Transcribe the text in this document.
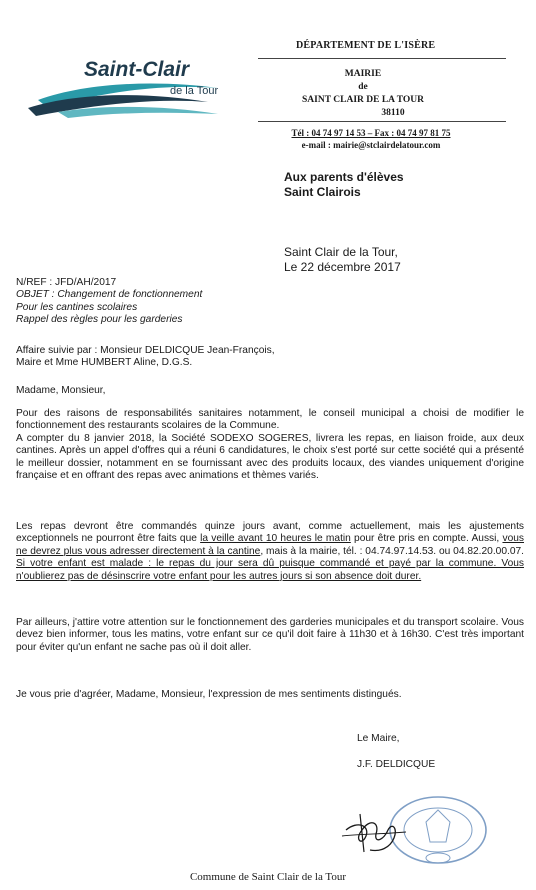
Saint-Clair
de la Tour
DÉPARTEMENT DE L'ISÈRE
MAIRIE
de
SAINT CLAIR DE LA TOUR
38110
Tél : 04 74 97 14 53 – Fax : 04 74 97 81 75
e-mail : mairie@stclairdelatour.com
Aux parents d'élèves
Saint Clairois
Saint Clair de la Tour,
Le 22 décembre 2017
N/REF : JFD/AH/2017
OBJET : Changement de fonctionnement
Pour les cantines scolaires
Rappel des règles pour les garderies
Affaire suivie par : Monsieur DELDICQUE Jean-François,
Maire et Mme HUMBERT Aline, D.G.S.
Madame, Monsieur,
Pour des raisons de responsabilités sanitaires notamment, le conseil municipal a choisi de modifier le fonctionnement des restaurants scolaires de la Commune.
A compter du 8 janvier 2018, la Société SODEXO SOGERES, livrera les repas, en liaison froide, aux deux cantines. Après un appel d'offres qui a réuni 6 candidatures, le choix s'est porté sur cette société qui a présenté le meilleur dossier, notamment en se fournissant avec des produits locaux, des viandes uniquement d'origine française et en offrant des repas avec animations et thèmes variés.
Les repas devront être commandés quinze jours avant, comme actuellement, mais les ajustements exceptionnels ne pourront être faits que la veille avant 10 heures le matin pour être pris en compte. Aussi, vous ne devrez plus vous adresser directement à la cantine, mais à la mairie, tél. : 04.74.97.14.53. ou 04.82.20.00.07. Si votre enfant est malade : le repas du jour sera dû puisque commandé et payé par la commune. Vous n'oublierez pas de désinscrire votre enfant pour les autres jours si son absence doit durer.
Par ailleurs, j'attire votre attention sur le fonctionnement des garderies municipales et du transport scolaire. Vous devez bien informer, tous les matins, votre enfant sur ce qu'il doit faire à 11h30 et à 16h30. C'est très important pour éviter qu'un enfant ne sache pas où il doit aller.
Je vous prie d'agréer, Madame, Monsieur, l'expression de mes sentiments distingués.
Le Maire,
J.F. DELDICQUE
Commune de Saint Clair de la Tour
